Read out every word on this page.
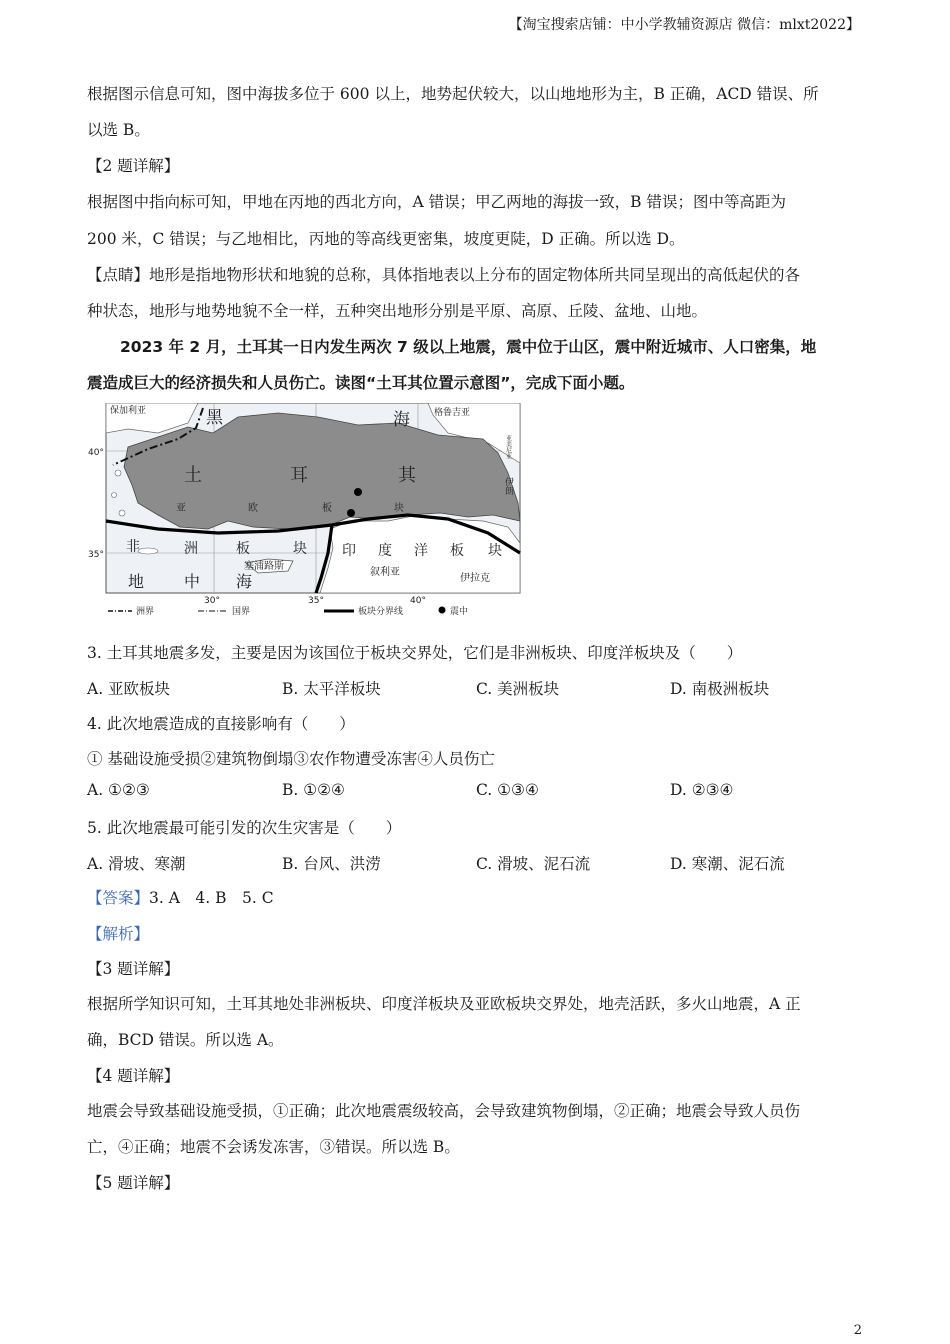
【淘宝搜索店铺：中小学教辅资源店 微信：mlxt2022】
根据图示信息可知，图中海拔多位于 600 以上，地势起伏较大，以山地地形为主，B 正确，ACD 错误、所
以选 B。
【2 题详解】
根据图中指向标可知，甲地在丙地的西北方向，A 错误；甲乙两地的海拔一致，B 错误；图中等高距为
200 米，C 错误；与乙地相比，丙地的等高线更密集，坡度更陡，D 正确。所以选 D。
【点睛】地形是指地物形状和地貌的总称，具体指地表以上分布的固定物体所共同呈现出的高低起伏的各
种状态，地形与地势地貌不全一样，五种突出地形分别是平原、高原、丘陵、盆地、山地。
2023 年 2 月，土耳其一日内发生两次 7 级以上地震，震中位于山区，震中附近城市、人口密集，地
震造成巨大的经济损失和人员伤亡。读图“土耳其位置示意图”，完成下面小题。
保加利亚	黑	海	格鲁吉亚
亚美尼亚
伊朗
土	耳	其
亚	欧	板	块
非	洲	板	块	印 度 洋 板 块
塞浦路斯
叙利亚
伊拉克
地 中 海
40°
35°
30°	35°	40°
洲界	国界	板块分界线	震中
3. 土耳其地震多发，主要是因为该国位于板块交界处，它们是非洲板块、印度洋板块及（　　）
A. 亚欧板块	B. 太平洋板块	C. 美洲板块	D. 南极洲板块
4. 此次地震造成的直接影响有（　　）
① 基础设施受损②建筑物倒塌③农作物遭受冻害④人员伤亡
A. ①②③	B. ①②④	C. ①③④	D. ②③④
5. 此次地震最可能引发的次生灾害是（　　）
A. 滑坡、寒潮	B. 台风、洪涝	C. 滑坡、泥石流	D. 寒潮、泥石流
【答案】3. A　4. B　5. C
【解析】
【3 题详解】
根据所学知识可知，土耳其地处非洲板块、印度洋板块及亚欧板块交界处，地壳活跃，多火山地震，A 正
确，BCD 错误。所以选 A。
【4 题详解】
地震会导致基础设施受损，①正确；此次地震震级较高，会导致建筑物倒塌，②正确；地震会导致人员伤
亡，④正确；地震不会诱发冻害，③错误。所以选 B。
【5 题详解】
2
